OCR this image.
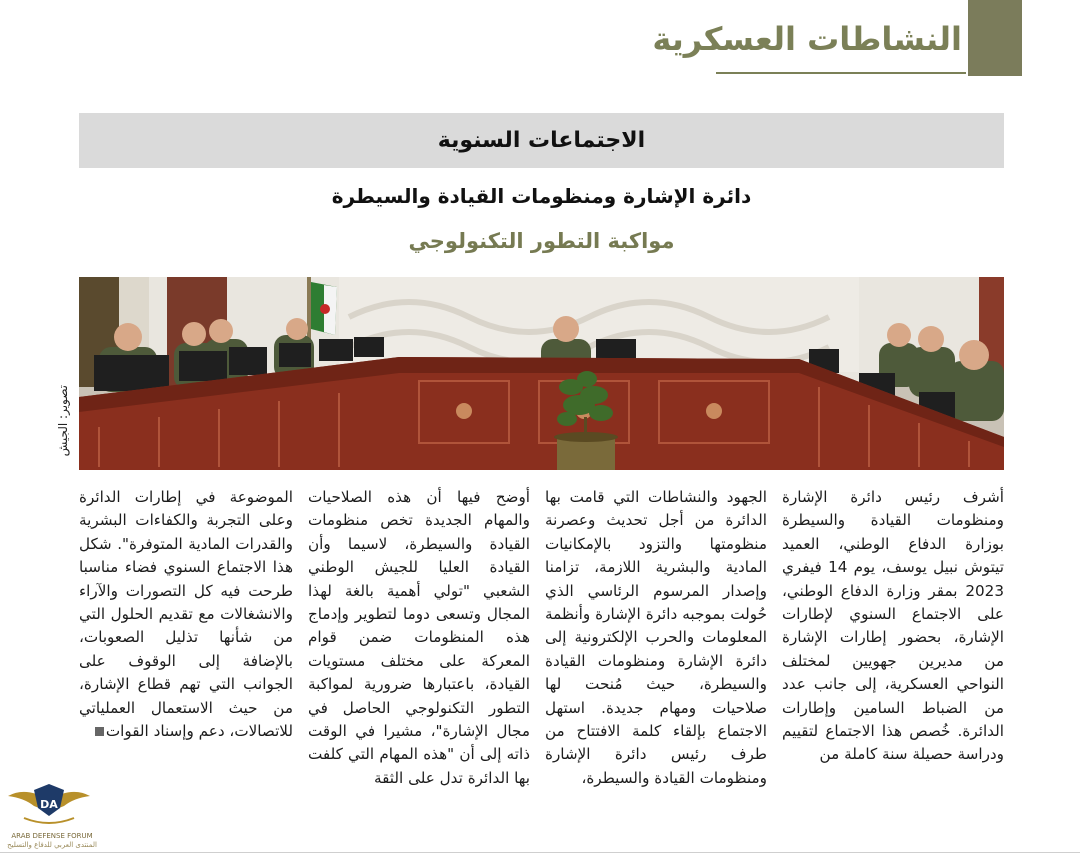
النشاطات العسكرية
الاجتماعات السنوية
دائرة الإشارة ومنظومات القيادة والسيطرة
مواكبة التطور التكنولوجي
تصوير: الجيش
أشرف رئيس دائرة الإشارة ومنظومات القيادة والسيطرة بوزارة الدفاع الوطني، العميد تيتوش نبيل يوسف، يوم 14 فيفري 2023 بمقر وزارة الدفاع الوطني، على الاجتماع السنوي لإطارات الإشارة، بحضور إطارات الإشارة من مديرين جهويين لمختلف النواحي العسكرية، إلى جانب عدد من الضباط السامين وإطارات الدائرة. خُصص هذا الاجتماع لتقييم ودراسة حصيلة سنة كاملة من
الجهود والنشاطات التي قامت بها الدائرة من أجل تحديث وعصرنة منظومتها والتزود بالإمكانيات المادية والبشرية اللازمة، تزامنا وإصدار المرسوم الرئاسي الذي حُولت بموجبه دائرة الإشارة وأنظمة المعلومات والحرب الإلكترونية إلى دائرة الإشارة ومنظومات القيادة والسيطرة، حيث مُنحت لها صلاحيات ومهام جديدة. استهل الاجتماع بإلقاء كلمة الافتتاح من طرف رئيس دائرة الإشارة ومنظومات القيادة والسيطرة،
أوضح فيها أن هذه الصلاحيات والمهام الجديدة تخص منظومات القيادة والسيطرة، لاسيما وأن القيادة العليا للجيش الوطني الشعبي "تولي أهمية بالغة لهذا المجال وتسعى دوما لتطوير وإدماج هذه المنظومات ضمن قوام المعركة على مختلف مستويات القيادة، باعتبارها ضرورية لمواكبة التطور التكنولوجي الحاصل في مجال الإشارة"، مشيرا في الوقت ذاته إلى أن "هذه المهام التي كلفت بها الدائرة تدل على الثقة
الموضوعة في إطارات الدائرة وعلى التجربة والكفاءات البشرية والقدرات المادية المتوفرة". شكل هذا الاجتماع السنوي فضاء مناسبا طرحت فيه كل التصورات والآراء والانشغالات مع تقديم الحلول التي من شأنها تذليل الصعوبات، بالإضافة إلى الوقوف على الجوانب التي تهم قطاع الإشارة، من حيث الاستعمال العملياتي للاتصالات، دعم وإسناد القوات
DA
ARAB DEFENSE FORUM
المنتدى العربي للدفاع والتسليح
